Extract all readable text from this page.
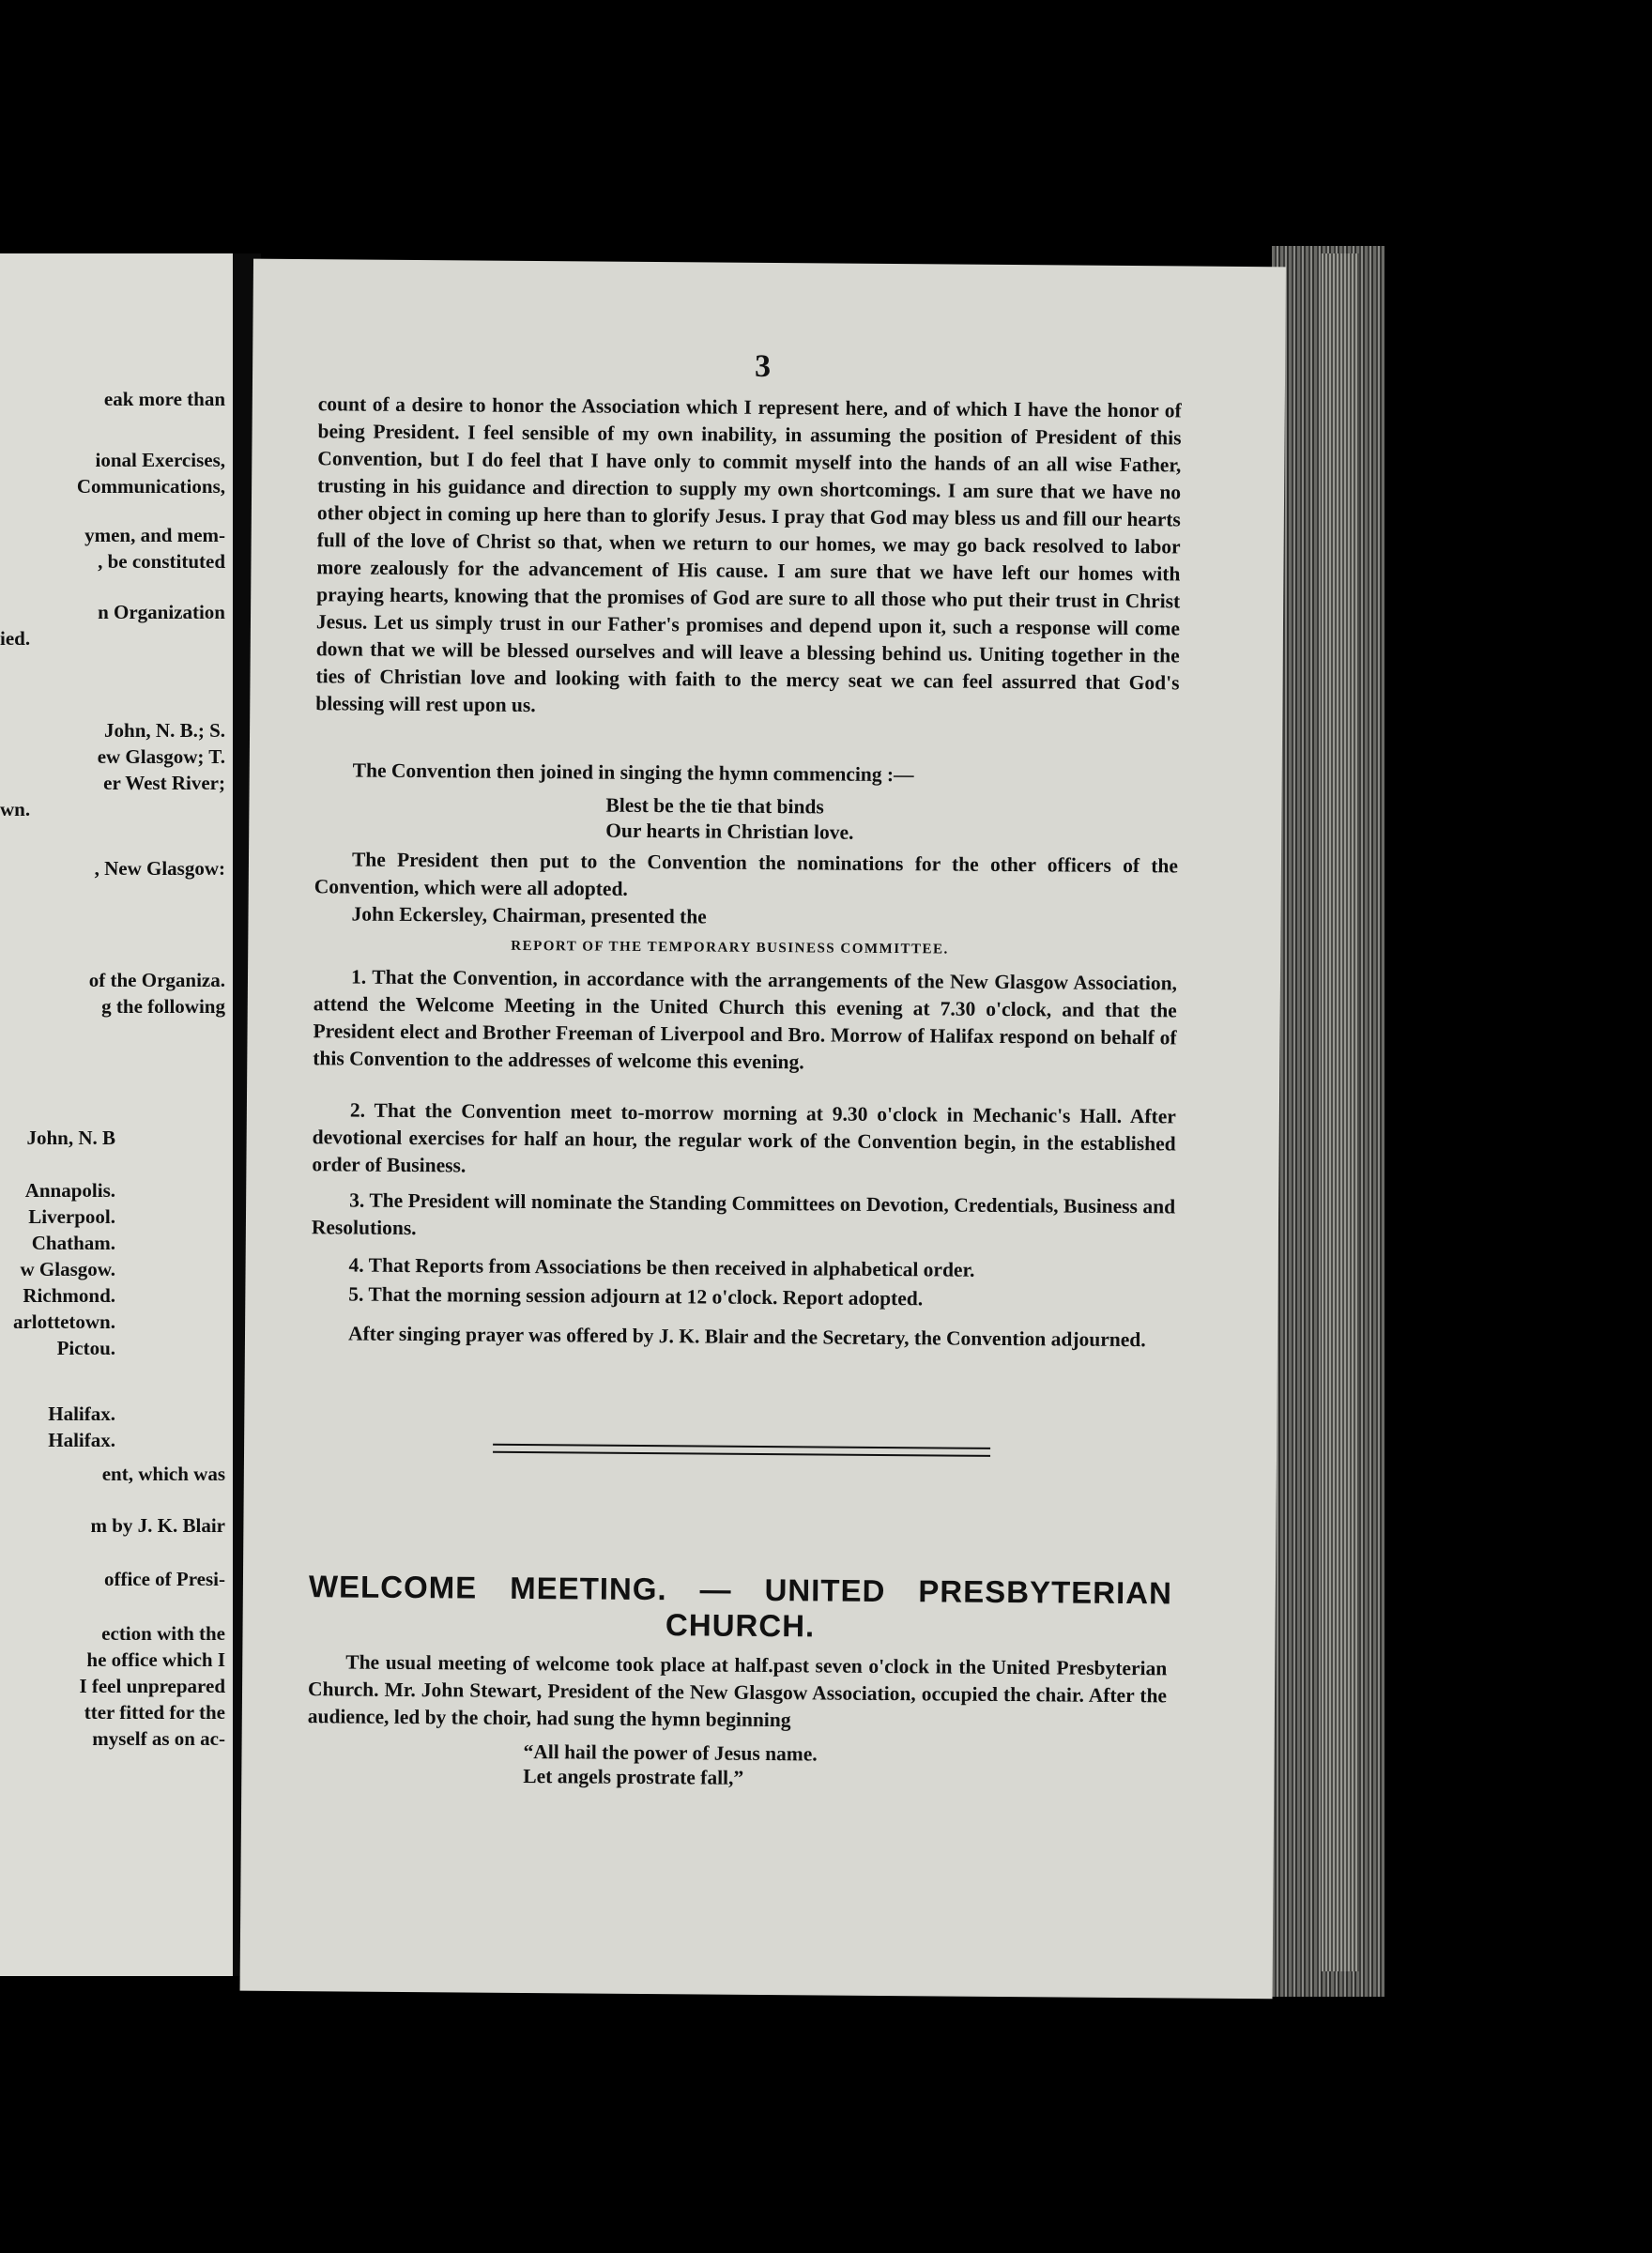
eak more than
ional Exercises,
Communications,
ymen, and mem-
, be constituted
n Organization
ied.
John, N. B.; S.
ew Glasgow; T.
er West River;
wn.
, New Glasgow:
of the Organiza.
g the following
John, N. B
Annapolis.
Liverpool.
Chatham.
w Glasgow.
Richmond.
arlottetown.
Pictou.
Halifax.
Halifax.
ent, which was
m by J. K. Blair
office of Presi-
ection with the
he office which I
I feel unprepared
tter fitted for the
myself as on ac-
3

count of a desire to honor the Association which I represent here, and of which I have the honor of being President. I feel sensible of my own inability, in assuming the position of President of this Convention, but I do feel that I have only to commit myself into the hands of an all wise Father, trusting in his guidance and direction to supply my own shortcomings. I am sure that we have no other object in coming up here than to glorify Jesus. I pray that God may bless us and fill our hearts full of the love of Christ so that, when we return to our homes, we may go back resolved to labor more zealously for the advancement of His cause. I am sure that we have left our homes with praying hearts, knowing that the promises of God are sure to all those who put their trust in Christ Jesus. Let us simply trust in our Father's promises and depend upon it, such a response will come down that we will be blessed ourselves and will leave a blessing behind us. Uniting together in the ties of Christian love and looking with faith to the mercy seat we can feel assurred that God's blessing will rest upon us.

The Convention then joined in singing the hymn commencing :—

Blest be the tie that binds
Our hearts in Christian love.

The President then put to the Convention the nominations for the other officers of the Convention, which were all adopted.

John Eckersley, Chairman, presented the

REPORT OF THE TEMPORARY BUSINESS COMMITTEE.

1. That the Convention, in accordance with the arrangements of the New Glasgow Association, attend the Welcome Meeting in the United Church this evening at 7.30 o'clock, and that the President elect and Brother Freeman of Liverpool and Bro. Morrow of Halifax respond on behalf of this Convention to the addresses of welcome this evening.

2. That the Convention meet to-morrow morning at 9.30 o'clock in Mechanic's Hall. After devotional exercises for half an hour, the regular work of the Convention begin, in the established order of Business.

3. The President will nominate the Standing Committees on Devotion, Credentials, Business and Resolutions.

4. That Reports from Associations be then received in alphabetical order.

5. That the morning session adjourn at 12 o'clock. Report adopted.

After singing prayer was offered by J. K. Blair and the Secretary, the Convention adjourned.

WELCOME MEETING. — UNITED PRESBYTERIAN
CHURCH.

The usual meeting of welcome took place at half.past seven o'clock in the United Presbyterian Church. Mr. John Stewart, President of the New Glasgow Association, occupied the chair. After the audience, led by the choir, had sung the hymn beginning

“All hail the power of Jesus name.
Let angels prostrate fall,”
